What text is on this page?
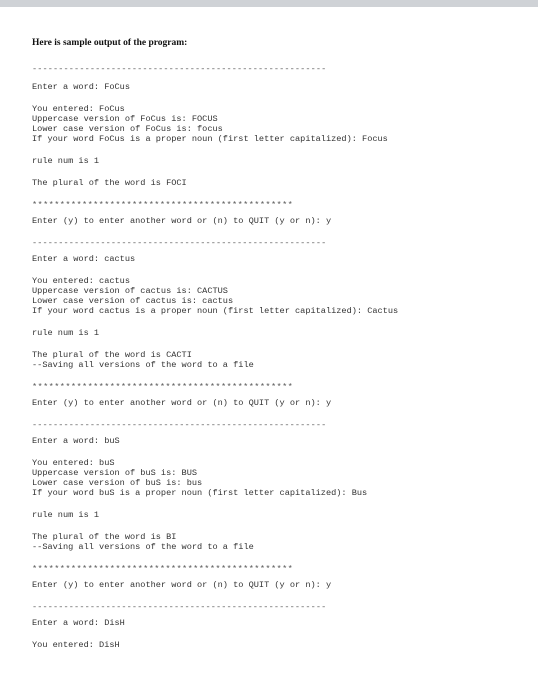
Here is sample output of the program:
--------------------------------------------------------
Enter a word: FoCus
You entered: FoCus
Uppercase version of FoCus is: FOCUS
Lower case version of FoCus is: focus
If your word FoCus is a proper noun (first letter capitalized): Focus
rule num is 1
The plural of the word is FOCI
***********************************************
Enter (y) to enter another word or (n) to QUIT (y or n): y
--------------------------------------------------------
Enter a word: cactus
You entered: cactus
Uppercase version of cactus is: CACTUS
Lower case version of cactus is: cactus
If your word cactus is a proper noun (first letter capitalized): Cactus
rule num is 1
The plural of the word is CACTI
--Saving all versions of the word to a file
***********************************************
Enter (y) to enter another word or (n) to QUIT (y or n): y
--------------------------------------------------------
Enter a word: buS
You entered: buS
Uppercase version of buS is: BUS
Lower case version of buS is: bus
If your word buS is a proper noun (first letter capitalized): Bus
rule num is 1
The plural of the word is BI
--Saving all versions of the word to a file
***********************************************
Enter (y) to enter another word or (n) to QUIT (y or n): y
--------------------------------------------------------
Enter a word: DisH
You entered: DisH
